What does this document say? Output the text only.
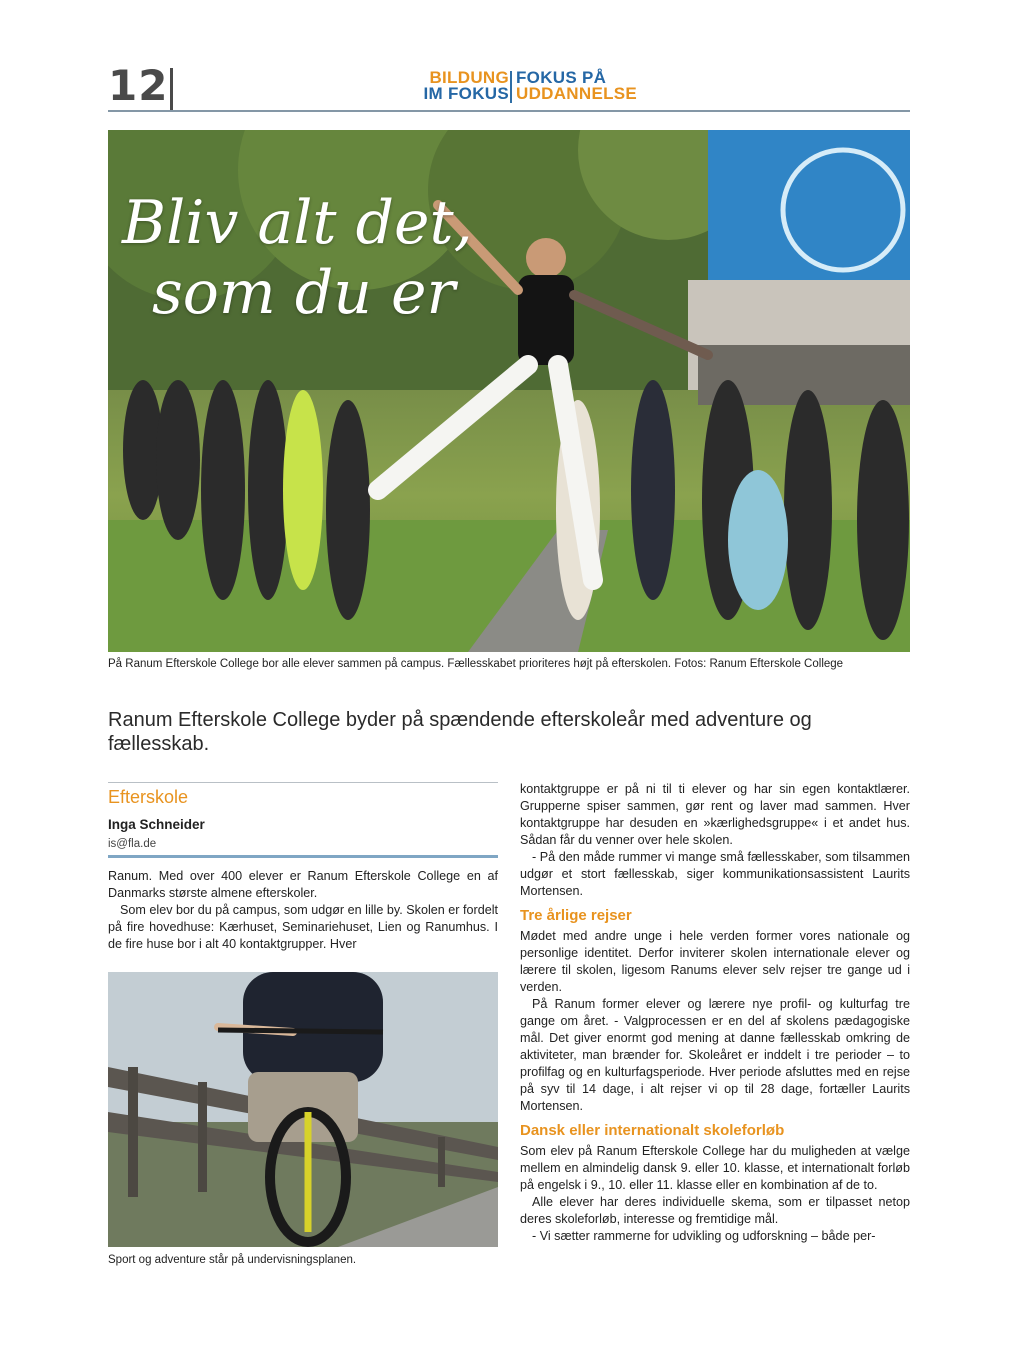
12	BILDUNG
IM FOKUS
FOKUS PÅ
UDDANNELSE
Bliv alt det,
som du er
På Ranum Efterskole College bor alle elever sammen på campus. Fællesskabet prioriteres højt på efterskolen. Fotos: Ranum Efterskole College
Ranum Efterskole College byder på spændende efterskoleår med adventure og fællesskab.
Efterskole
Inga Schneider
is@fla.de

Ranum. Med over 400 elever er Ranum Efterskole College en af Danmarks største almene efterskoler.

Som elev bor du på campus, som udgør en lille by. Skolen er fordelt på fire hovedhuse: Kærhuset, Seminariehuset, Lien og Ranumhus. I de fire huse bor i alt 40 kontaktgrupper. Hver

Sport og adventure står på undervisningsplanen.

kontaktgruppe er på ni til ti elever og har sin egen kontaktlærer. Grupperne spiser sammen, gør rent og laver mad sammen. Hver kontaktgruppe har desuden en »kærlighedsgruppe« i et andet hus. Sådan får du venner over hele skolen.

- På den måde rummer vi mange små fællesskaber, som tilsammen udgør et stort fællesskab, siger kommunikationsassistent Laurits Mortensen.

Tre årlige rejser

Mødet med andre unge i hele verden former vores nationale og personlige identitet. Derfor inviterer skolen internationale elever og lærere til skolen, ligesom Ranums elever selv rejser tre gange ud i verden.

På Ranum former elever og lærere nye profil- og kulturfag tre gange om året. - Valgprocessen er en del af skolens pædagogiske mål. Det giver enormt god mening at danne fællesskab omkring de aktiviteter, man brænder for. Skoleåret er inddelt i tre perioder – to profilfag og en kulturfagsperiode. Hver periode afsluttes med en rejse på syv til 14 dage, i alt rejser vi op til 28 dage, fortæller Laurits Mortensen.

Dansk eller internationalt skoleforløb

Som elev på Ranum Efterskole College har du muligheden at vælge mellem en almindelig dansk 9. eller 10. klasse, et internationalt forløb på engelsk i 9., 10. eller 11. klasse eller en kombination af de to.

Alle elever har deres individuelle skema, som er tilpasset netop deres skoleforløb, interesse og fremtidige mål.

- Vi sætter rammerne for udvikling og udforskning – både per-
